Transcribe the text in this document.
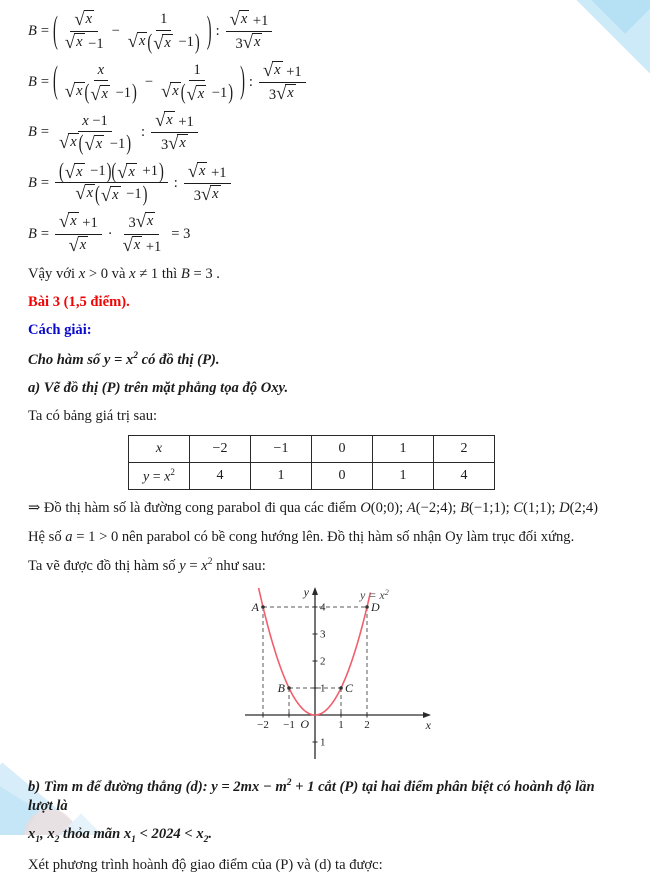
B = ( $\frac{√ x}{√ x -1} - \frac{1}{√ x ( √ x -1 )}$ ) : $\frac{√ x +1}{3 √ x}$
B = ( $\frac{x}{√ x ( √ x -1 )} - \frac{1}{√ x ( √ x -1 )}$ ) : $\frac{√ x +1}{3 √ x}$
$B = \frac{x -1}{√ x ( √ x -1 )}$ : $\frac{√ x +1}{3 √ x}$
$B = \frac{( √ x -1 ) ( √ x +1 )}{√ x ( √ x -1 )}$ : $\frac{√ x +1}{3 √ x}$
$B = \frac{√ x +1}{√ x} \cdot \frac{3 √ x}{√ x +1} = 3$

Vậy với x > 0 và x ≠ 1 thì B = 3 .

Bài 3 (1,5 điểm).

Cách giải:

Cho hàm số $y = x^2$ có đồ thị (P).

a) Vẽ đồ thị (P) trên mặt phẳng tọa độ Oxy.

Ta có bảng giá trị sau:

x	−2	−1	0	1	2
$y = x^2$	4	1	0	1	4

⇒ Đồ thị hàm số là đường cong parabol đi qua các điểm O(0;0); A(−2;4); B(−1;1); C(1;1); D(2;4)

Hệ số a = 1 > 0 nên parabol có bề cong hướng lên. Đồ thị hàm số nhận Oy làm trục đối xứng.

Ta vẽ được đồ thị hàm số $y = x^2$ như sau:

−2 −1	1 2
1
2
3
4
1
A
B	C
D
O	x
y	$y = x^2$

b) Tìm m để đường thẳng (d): $y = 2mx - m^2 + 1$ cắt (P) tại hai điểm phân biệt có hoành độ lần lượt là

$x_1$, $x_2$ thỏa mãn $x_1 < 2024 < x_2$.

Xét phương trình hoành độ giao điểm của (P) và (d) ta được:
